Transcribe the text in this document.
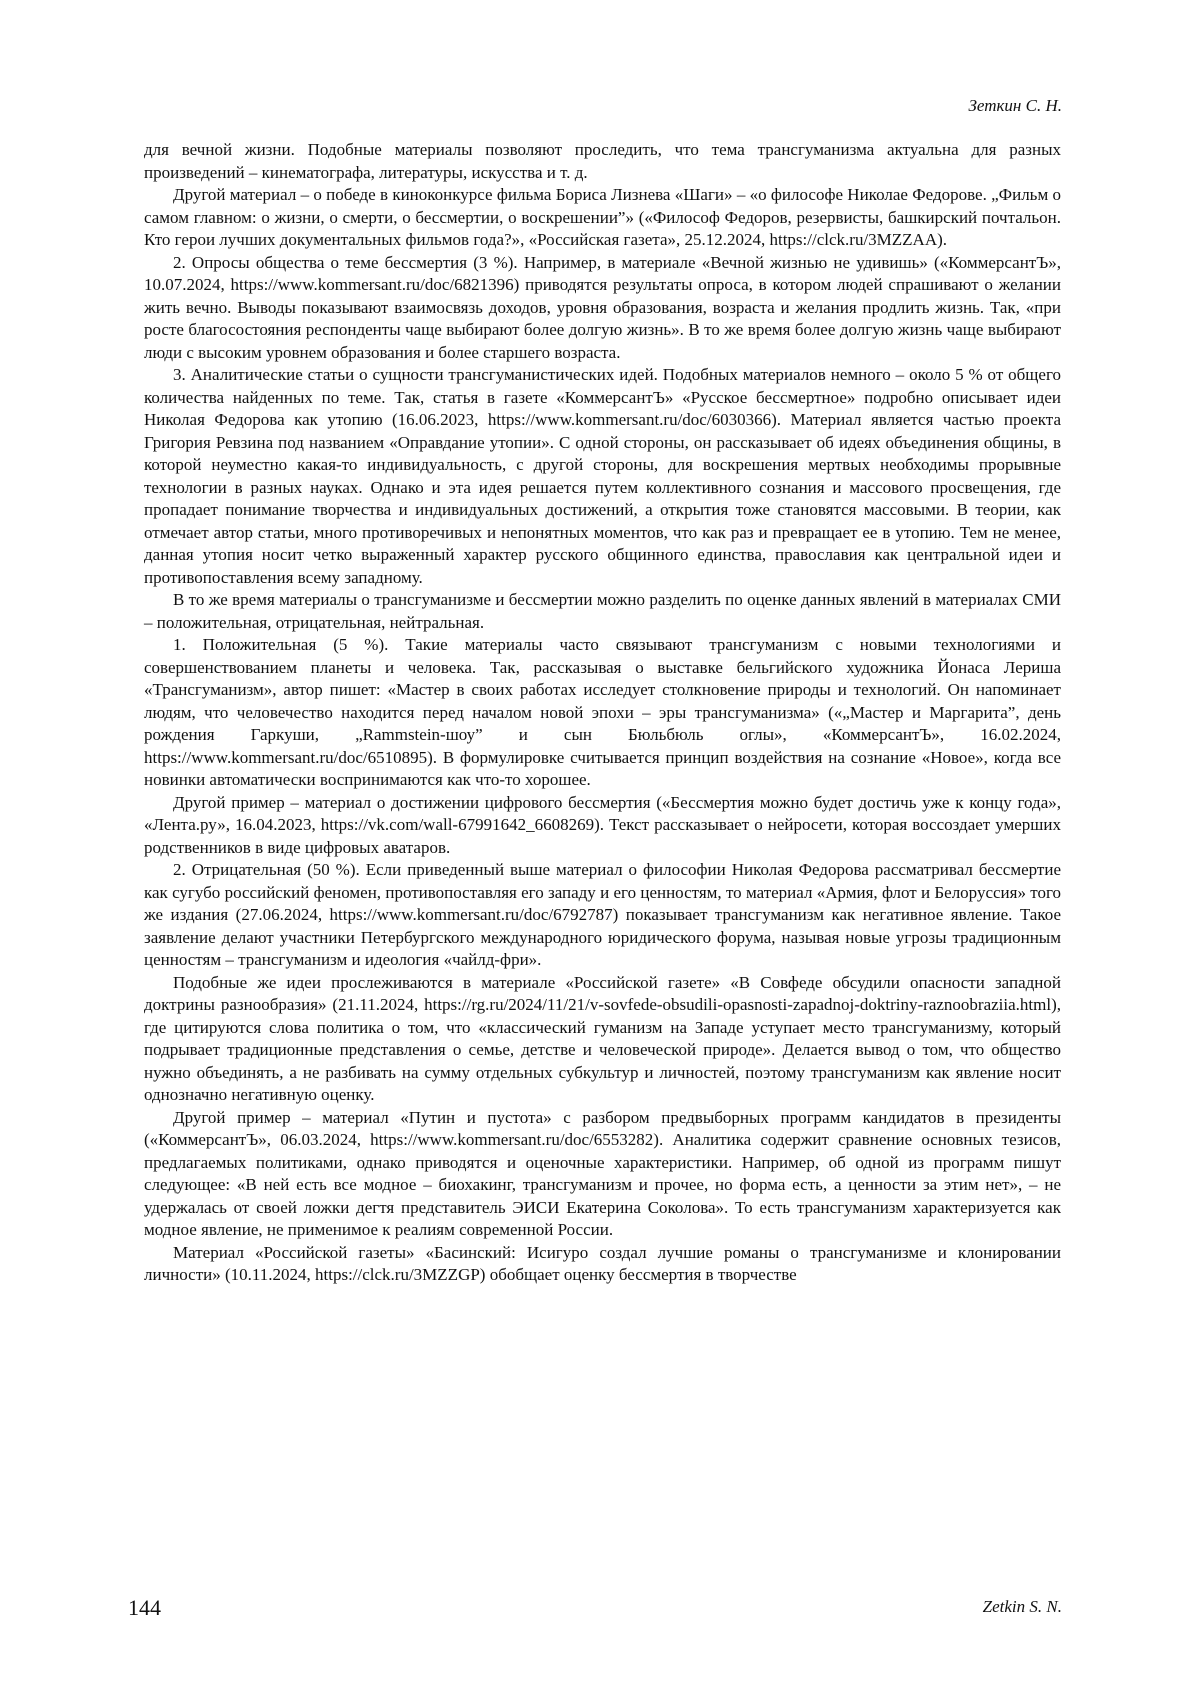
Зеткин С. Н.

для вечной жизни. Подобные материалы позволяют проследить, что тема трансгуманизма актуальна для разных произведений – кинематографа, литературы, искусства и т. д.

Другой материал – о победе в киноконкурсе фильма Бориса Лизнева «Шаги» – «о философе Николае Федорове. „Фильм о самом главном: о жизни, о смерти, о бессмертии, о воскрешении”» («Философ Федоров, резервисты, башкирский почтальон. Кто герои лучших документальных фильмов года?», «Российская газета», 25.12.2024, https://clck.ru/3MZZAA).

2. Опросы общества о теме бессмертия (3 %). Например, в материале «Вечной жизнью не удивишь» («КоммерсантЪ», 10.07.2024, https://www.kommersant.ru/doc/6821396) приводятся результаты опроса, в котором людей спрашивают о желании жить вечно. Выводы показывают взаимосвязь доходов, уровня образования, возраста и желания продлить жизнь. Так, «при росте благосостояния респонденты чаще выбирают более долгую жизнь». В то же время более долгую жизнь чаще выбирают люди с высоким уровнем образования и более старшего возраста.

3. Аналитические статьи о сущности трансгуманистических идей. Подобных материалов немного – около 5 % от общего количества найденных по теме. Так, статья в газете «КоммерсантЪ» «Русское бессмертное» подробно описывает идеи Николая Федорова как утопию (16.06.2023, https://www.kommersant.ru/doc/6030366). Материал является частью проекта Григория Ревзина под названием «Оправдание утопии». С одной стороны, он рассказывает об идеях объединения общины, в которой неуместно какая-то индивидуальность, с другой стороны, для воскрешения мертвых необходимы прорывные технологии в разных науках. Однако и эта идея решается путем коллективного сознания и массового просвещения, где пропадает понимание творчества и индивидуальных достижений, а открытия тоже становятся массовыми. В теории, как отмечает автор статьи, много противоречивых и непонятных моментов, что как раз и превращает ее в утопию. Тем не менее, данная утопия носит четко выраженный характер русского общинного единства, православия как центральной идеи и противопоставления всему западному.

В то же время материалы о трансгуманизме и бессмертии можно разделить по оценке данных явлений в материалах СМИ – положительная, отрицательная, нейтральная.

1. Положительная (5 %). Такие материалы часто связывают трансгуманизм с новыми технологиями и совершенствованием планеты и человека. Так, рассказывая о выставке бельгийского художника Йонаса Лериша «Трансгуманизм», автор пишет: «Мастер в своих работах исследует столкновение природы и технологий. Он напоминает людям, что человечество находится перед началом новой эпохи – эры трансгуманизма» («„Мастер и Маргарита”, день рождения Гаркуши, „Rammstein-шоу” и сын Бюльбюль оглы», «КоммерсантЪ», 16.02.2024, https://www.kommersant.ru/doc/6510895). В формулировке считывается принцип воздействия на сознание «Новое», когда все новинки автоматически воспринимаются как что-то хорошее.

Другой пример – материал о достижении цифрового бессмертия («Бессмертия можно будет достичь уже к концу года», «Лента.ру», 16.04.2023, https://vk.com/wall-67991642_6608269). Текст рассказывает о нейросети, которая воссоздает умерших родственников в виде цифровых аватаров.

2. Отрицательная (50 %). Если приведенный выше материал о философии Николая Федорова рассматривал бессмертие как сугубо российский феномен, противопоставляя его западу и его ценностям, то материал «Армия, флот и Белоруссия» того же издания (27.06.2024, https://www.kommersant.ru/doc/6792787) показывает трансгуманизм как негативное явление. Такое заявление делают участники Петербургского международного юридического форума, называя новые угрозы традиционным ценностям – трансгуманизм и идеология «чайлд-фри».

Подобные же идеи прослеживаются в материале «Российской газете» «В Совфеде обсудили опасности западной доктрины разнообразия» (21.11.2024, https://rg.ru/2024/11/21/v-sovfede-obsudili-opasnosti-zapadnoj-doktriny-raznoobraziia.html), где цитируются слова политика о том, что «классический гуманизм на Западе уступает место трансгуманизму, который подрывает традиционные представления о семье, детстве и человеческой природе». Делается вывод о том, что общество нужно объединять, а не разбивать на сумму отдельных субкультур и личностей, поэтому трансгуманизм как явление носит однозначно негативную оценку.

Другой пример – материал «Путин и пустота» с разбором предвыборных программ кандидатов в президенты («КоммерсантЪ», 06.03.2024, https://www.kommersant.ru/doc/6553282). Аналитика содержит сравнение основных тезисов, предлагаемых политиками, однако приводятся и оценочные характеристики. Например, об одной из программ пишут следующее: «В ней есть все модное – биохакинг, трансгуманизм и прочее, но форма есть, а ценности за этим нет», – не удержалась от своей ложки дегтя представитель ЭИСИ Екатерина Соколова». То есть трансгуманизм характеризуется как модное явление, не применимое к реалиям современной России.

Материал «Российской газеты» «Басинский: Исигуро создал лучшие романы о трансгуманизме и клонировании личности» (10.11.2024, https://clck.ru/3MZZGP) обобщает оценку бессмертия в творчестве

144	Zetkin S. N.
